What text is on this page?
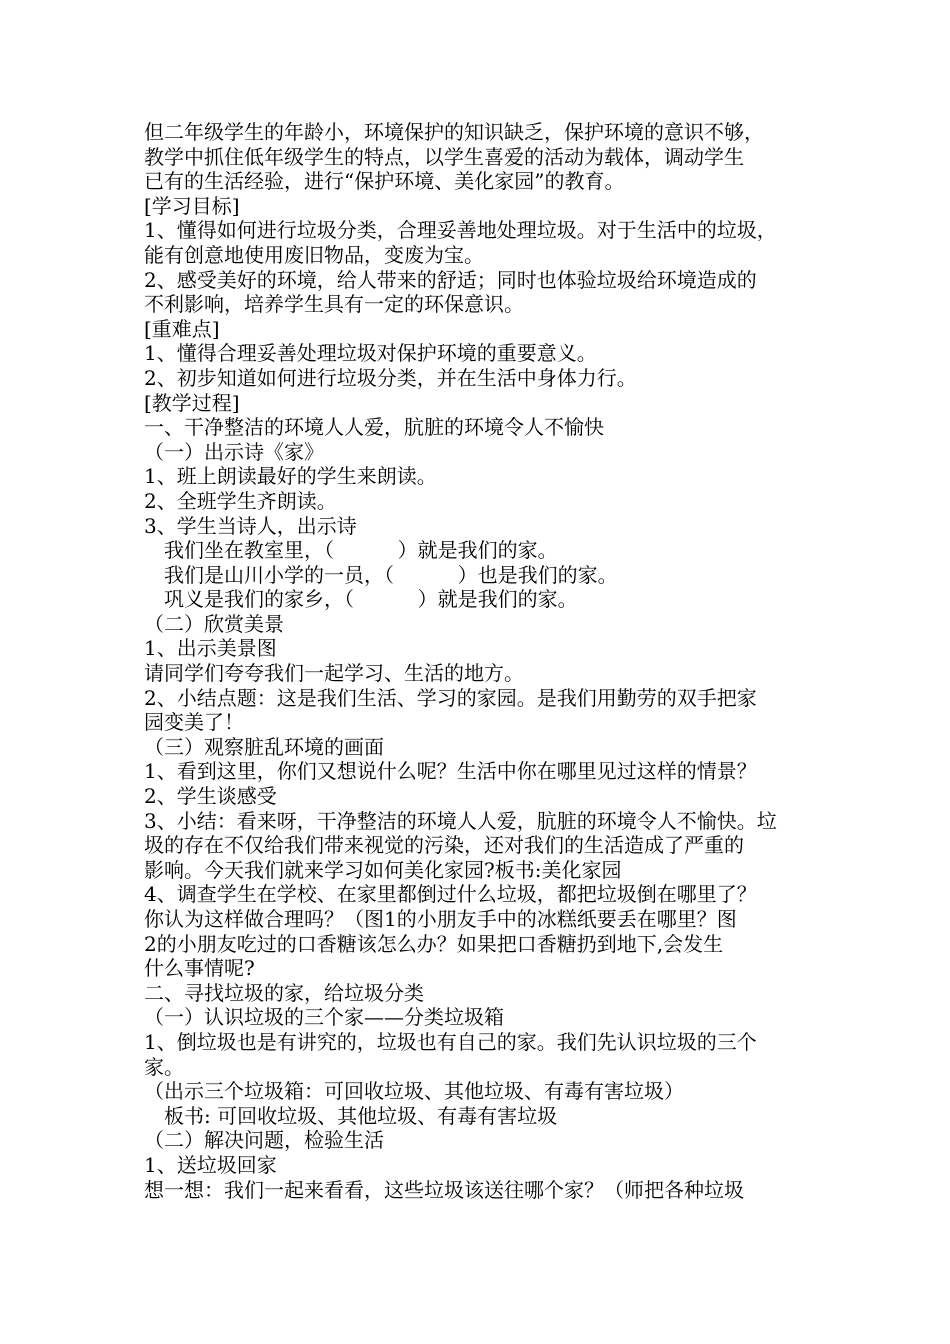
但二年级学生的年龄小，环境保护的知识缺乏，保护环境的意识不够，
教学中抓住低年级学生的特点，以学生喜爱的活动为载体，调动学生
已有的生活经验，进行“保护环境、美化家园”的教育。
[学习目标]
1、懂得如何进行垃圾分类，合理妥善地处理垃圾。对于生活中的垃圾，
能有创意地使用废旧物品，变废为宝。
2、感受美好的环境，给人带来的舒适；同时也体验垃圾给环境造成的
不利影响，培养学生具有一定的环保意识。
[重难点]
1、懂得合理妥善处理垃圾对保护环境的重要意义。
2、初步知道如何进行垃圾分类，并在生活中身体力行。
[教学过程]
一、干净整洁的环境人人爱，肮脏的环境令人不愉快
（一）出示诗《家》
1、班上朗读最好的学生来朗读。
2、全班学生齐朗读。
3、学生当诗人，出示诗
我们坐在教室里，（          ）就是我们的家。
我们是山川小学的一员，（          ）也是我们的家。
巩义是我们的家乡，（          ）就是我们的家。
（二）欣赏美景
1、出示美景图
请同学们夸夸我们一起学习、生活的地方。
2、小结点题：这是我们生活、学习的家园。是我们用勤劳的双手把家
园变美了！
（三）观察脏乱环境的画面
1、看到这里，你们又想说什么呢？生活中你在哪里见过这样的情景？
2、学生谈感受
3、小结：看来呀，干净整洁的环境人人爱，肮脏的环境令人不愉快。垃
圾的存在不仅给我们带来视觉的污染，还对我们的生活造成了严重的
影响。今天我们就来学习如何美化家园?板书:美化家园
4、调查学生在学校、在家里都倒过什么垃圾，都把垃圾倒在哪里了？
你认为这样做合理吗？（图1的小朋友手中的冰糕纸要丢在哪里？图
2的小朋友吃过的口香糖该怎么办？如果把口香糖扔到地下,会发生
什么事情呢?
二、寻找垃圾的家，给垃圾分类
（一）认识垃圾的三个家——分类垃圾箱
1、倒垃圾也是有讲究的，垃圾也有自己的家。我们先认识垃圾的三个
家。
（出示三个垃圾箱：可回收垃圾、其他垃圾、有毒有害垃圾）
板书: 可回收垃圾、其他垃圾、有毒有害垃圾
（二）解决问题，检验生活
1、送垃圾回家
想一想：我们一起来看看，这些垃圾该送往哪个家？（师把各种垃圾
